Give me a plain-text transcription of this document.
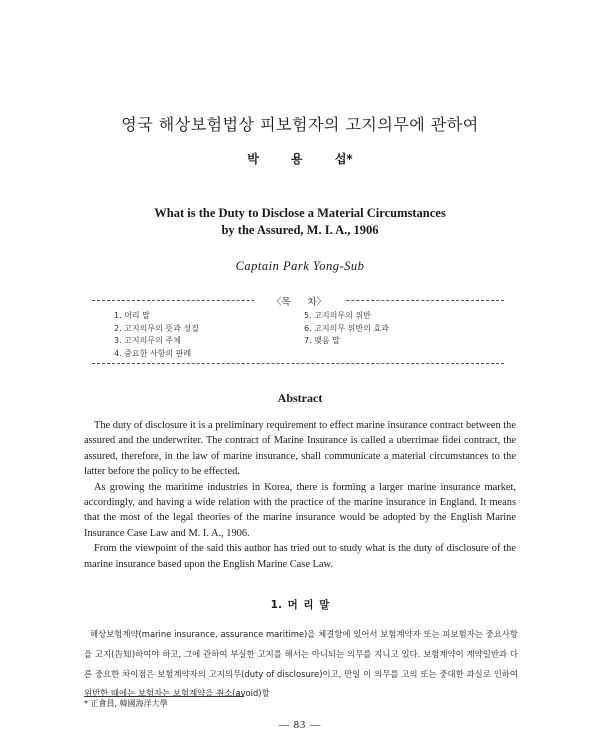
영국 해상보험법상 피보험자의 고지의무에 관하여
박 용 섭*
What is the Duty to Disclose a Material Circumstances
by the Assured, M. I. A., 1906
Captain Park Yong-Sub
〈목 차〉
1. 머리 말
2. 고지의무의 뜻과 성질
3. 고지의무의 주체
4. 중요한 사항의 판례
5. 고지의무의 위반
6. 고지의무 위반의 효과
7. 맺음 말
Abstract

The duty of disclosure it is a preliminary requirement to effect marine insurance contract between the assured and the underwriter. The contract of Marine Insurance is called a uberrimae fidei contract, the assured, therefore, in the law of marine insurance, shall communicate a material circumstances to the latter before the policy to be effected.

As growing the maritime industries in Korea, there is forming a larger marine insurance market, accordingly, and having a wide relation with the practice of the marine insurance in England. It means that the most of the legal theories of the marine insurance would be adopted by the English Marine Insurance Case Law and M. I. A., 1906.

From the viewpoint of the said this author has tried out to study what is the duty of disclosure of the marine insurance based upon the English Marine Case Law.

1. 머 리 말

해상보험계약(marine insurance, assurance maritime)을 체결함에 있어서 보험계약자 또는 피보험자는 중요사항을 고지(告知)하여야 하고, 그에 관하여 부실한 고지를 해서는 아니되는 의무를 지니고 있다. 보험계약이 계약일반과 다른 중요한 차이점은 보험계약자의 고지의무(duty of disclosure)이고, 만일 이 의무를 고의 또는 중대한 과실로 인하여 위반한 때에는 보험자는 보험계약을 취소(avoid)할

* 正會員, 韓國海洋大學
— 83 —
